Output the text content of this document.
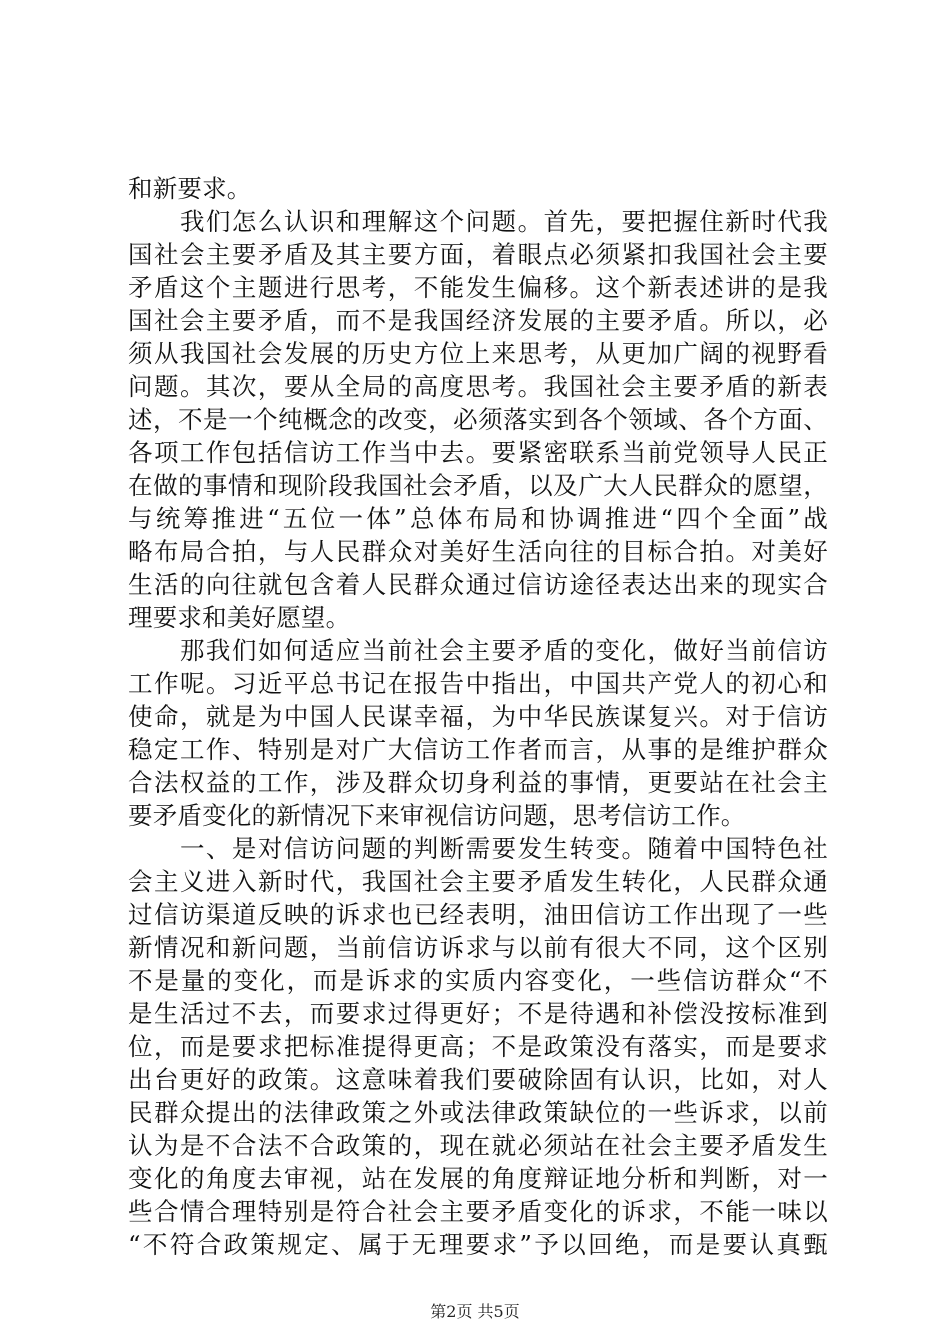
和新要求。
　　我们怎么认识和理解这个问题。首先，要把握住新时代我
国社会主要矛盾及其主要方面，着眼点必须紧扣我国社会主要
矛盾这个主题进行思考，不能发生偏移。这个新表述讲的是我
国社会主要矛盾，而不是我国经济发展的主要矛盾。所以，必
须从我国社会发展的历史方位上来思考，从更加广阔的视野看
问题。其次，要从全局的高度思考。我国社会主要矛盾的新表
述，不是一个纯概念的改变，必须落实到各个领域、各个方面、
各项工作包括信访工作当中去。要紧密联系当前党领导人民正
在做的事情和现阶段我国社会矛盾，以及广大人民群众的愿望，
与统筹推进“五位一体”总体布局和协调推进“四个全面”战
略布局合拍，与人民群众对美好生活向往的目标合拍。对美好
生活的向往就包含着人民群众通过信访途径表达出来的现实合
理要求和美好愿望。
　　那我们如何适应当前社会主要矛盾的变化，做好当前信访
工作呢。习近平总书记在报告中指出，中国共产党人的初心和
使命，就是为中国人民谋幸福，为中华民族谋复兴。对于信访
稳定工作、特别是对广大信访工作者而言，从事的是维护群众
合法权益的工作，涉及群众切身利益的事情，更要站在社会主
要矛盾变化的新情况下来审视信访问题，思考信访工作。
　　一、是对信访问题的判断需要发生转变。随着中国特色社
会主义进入新时代，我国社会主要矛盾发生转化，人民群众通
过信访渠道反映的诉求也已经表明，油田信访工作出现了一些
新情况和新问题，当前信访诉求与以前有很大不同，这个区别
不是量的变化，而是诉求的实质内容变化，一些信访群众“不
是生活过不去，而要求过得更好；不是待遇和补偿没按标准到
位，而是要求把标准提得更高；不是政策没有落实，而是要求
出台更好的政策。这意味着我们要破除固有认识，比如，对人
民群众提出的法律政策之外或法律政策缺位的一些诉求，以前
认为是不合法不合政策的，现在就必须站在社会主要矛盾发生
变化的角度去审视，站在发展的角度辩证地分析和判断，对一
些合情合理特别是符合社会主要矛盾变化的诉求，不能一味以
“不符合政策规定、属于无理要求”予以回绝，而是要认真甄
第2页 共5页
